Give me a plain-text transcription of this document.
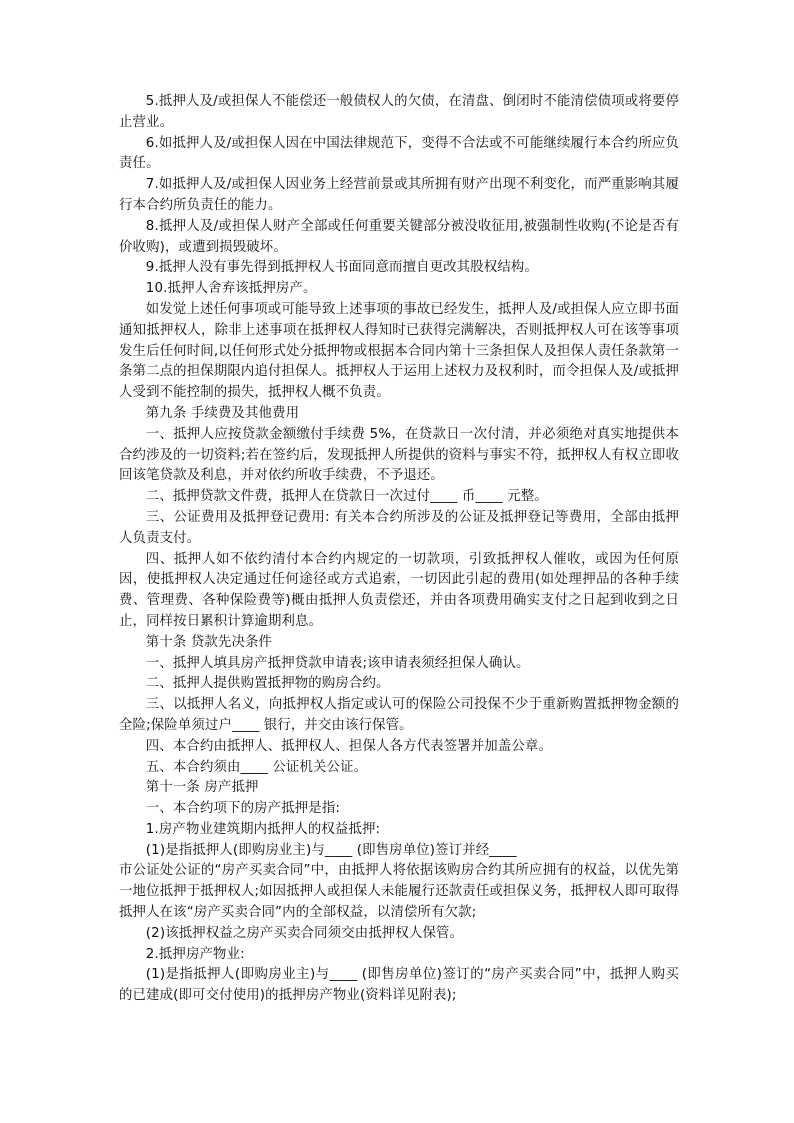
5.抵押人及/或担保人不能偿还一般债权人的欠债，在清盘、倒闭时不能清偿债项或将要停止营业。

6.如抵押人及/或担保人因在中国法律规范下，变得不合法或不可能继续履行本合约所应负责任。

7.如抵押人及/或担保人因业务上经营前景或其所拥有财产出现不利变化，而严重影响其履行本合约所负责任的能力。

8.抵押人及/或担保人财产全部或任何重要关键部分被没收征用,被强制性收购(不论是否有价收购)，或遭到损毁破坏。

9.抵押人没有事先得到抵押权人书面同意而擅自更改其股权结构。

10.抵押人舍弃该抵押房产。

如发觉上述任何事项或可能导致上述事项的事故已经发生，抵押人及/或担保人应立即书面通知抵押权人，除非上述事项在抵押权人得知时已获得完满解决，否则抵押权人可在该等事项发生后任何时间,以任何形式处分抵押物或根据本合同内第十三条担保人及担保人责任条款第一条第二点的担保期限内追付担保人。抵押权人于运用上述权力及权利时，而令担保人及/或抵押人受到不能控制的损失，抵押权人概不负责。

第九条 手续费及其他费用

一、抵押人应按贷款金额缴付手续费 5%，在贷款日一次付清，并必须绝对真实地提供本合约涉及的一切资料;若在签约后，发现抵押人所提供的资料与事实不符，抵押权人有权立即收回该笔贷款及利息，并对依约所收手续费，不予退还。

二、抵押贷款文件费，抵押人在贷款日一次过付____ 币____ 元整。

三、公证费用及抵押登记费用: 有关本合约所涉及的公证及抵押登记等费用，全部由抵押人负责支付。

四、抵押人如不依约清付本合约内规定的一切款项，引致抵押权人催收，或因为任何原因，使抵押权人决定通过任何途径或方式追索，一切因此引起的费用(如处理押品的各种手续费、管理费、各种保险费等)概由抵押人负责偿还，并由各项费用确实支付之日起到收到之日止，同样按日累积计算逾期利息。

第十条 贷款先决条件

一、抵押人填具房产抵押贷款申请表;该申请表须经担保人确认。

二、抵押人提供购置抵押物的购房合约。

三、以抵押人名义，向抵押权人指定或认可的保险公司投保不少于重新购置抵押物金额的全险;保险单须过户____ 银行，并交由该行保管。

四、本合约由抵押人、抵押权人、担保人各方代表签署并加盖公章。

五、本合约须由____ 公证机关公证。

第十一条 房产抵押

一、本合约项下的房产抵押是指:

1.房产物业建筑期内抵押人的权益抵押:

(1)是指抵押人(即购房业主)与____ (即售房单位)签订并经____

市公证处公证的“房产买卖合同”中，由抵押人将依据该购房合约其所应拥有的权益，以优先第一地位抵押于抵押权人;如因抵押人或担保人未能履行还款责任或担保义务，抵押权人即可取得抵押人在该“房产买卖合同”内的全部权益，以清偿所有欠款;

(2)该抵押权益之房产买卖合同须交由抵押权人保管。

2.抵押房产物业:

(1)是指抵押人(即购房业主)与____ (即售房单位)签订的“房产买卖合同”中，抵押人购买的已建成(即可交付使用)的抵押房产物业(资料详见附表);
